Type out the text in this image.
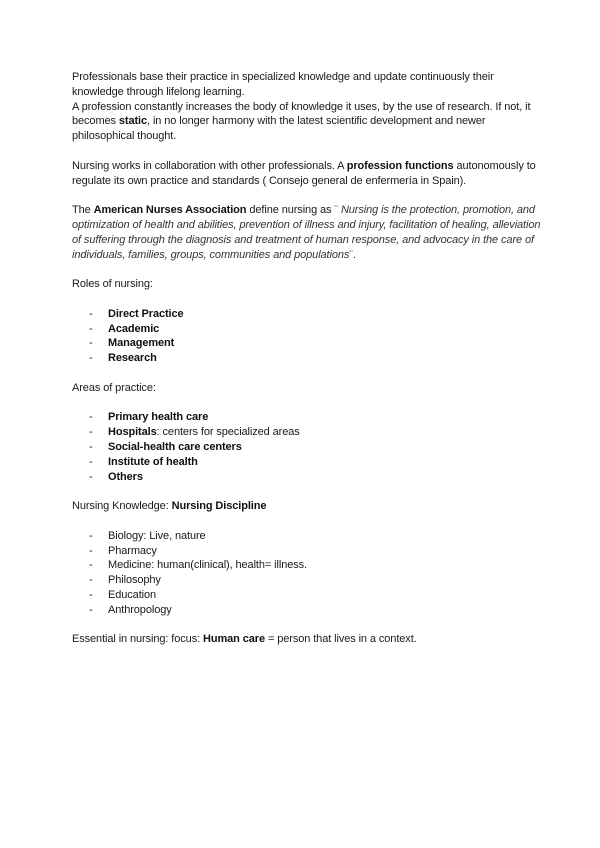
Professionals base their practice in specialized knowledge and update continuously their knowledge through lifelong learning.

A profession constantly increases the body of knowledge it uses, by the use of research. If not, it becomes static, in no longer harmony with the latest scientific development and newer philosophical thought.

Nursing works in collaboration with other professionals. A profession functions autonomously to regulate its own practice and standards ( Consejo general de enfermería in Spain).

The American Nurses Association define nursing as ¨ Nursing is the protection, promotion, and optimization of health and abilities, prevention of illness and injury, facilitation of healing, alleviation of suffering through the diagnosis and treatment of human response, and advocacy in the care of individuals, families, groups, communities and populations¨.

Roles of nursing:

- Direct Practice
- Academic
- Management
- Research

Areas of practice:

- Primary health care
- Hospitals: centers for specialized areas
- Social-health care centers
- Institute of health
- Others

Nursing Knowledge: Nursing Discipline

- Biology: Live, nature
- Pharmacy
- Medicine: human(clinical), health= illness.
- Philosophy
- Education
- Anthropology

Essential in nursing: focus: Human care = person that lives in a context.
